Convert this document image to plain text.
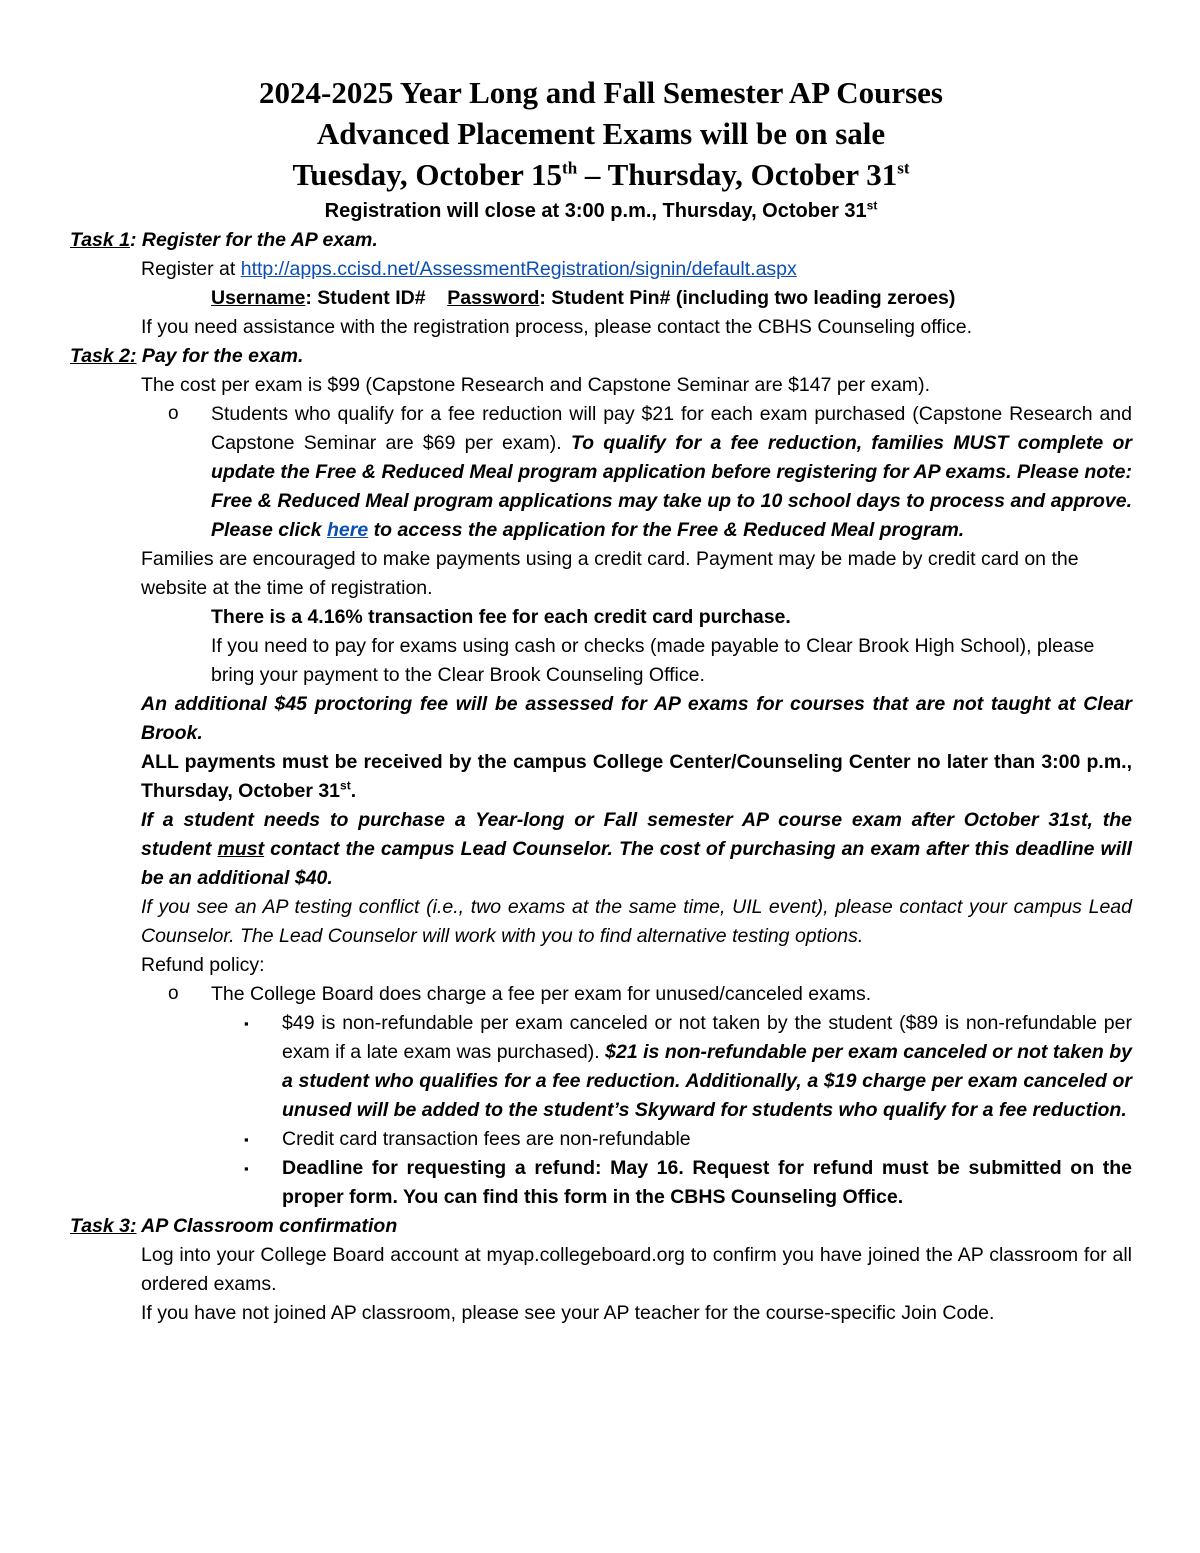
2024-2025 Year Long and Fall Semester AP Courses
Advanced Placement Exams will be on sale
Tuesday, October 15th – Thursday, October 31st

Registration will close at 3:00 p.m., Thursday, October 31st

Task 1: Register for the AP exam.

Register at http://apps.ccisd.net/AssessmentRegistration/signin/default.aspx
Username: Student ID# Password: Student Pin# (including two leading zeroes)
If you need assistance with the registration process, please contact the CBHS Counseling office.

Task 2: Pay for the exam.

The cost per exam is $99 (Capstone Research and Capstone Seminar are $147 per exam).
o Students who qualify for a fee reduction will pay $21 for each exam purchased (Capstone Research and Capstone Seminar are $69 per exam). To qualify for a fee reduction, families MUST complete or update the Free & Reduced Meal program application before registering for AP exams. Please note: Free & Reduced Meal program applications may take up to 10 school days to process and approve. Please click here to access the application for the Free & Reduced Meal program.
Families are encouraged to make payments using a credit card. Payment may be made by credit card on the website at the time of registration.
There is a 4.16% transaction fee for each credit card purchase.
If you need to pay for exams using cash or checks (made payable to Clear Brook High School), please bring your payment to the Clear Brook Counseling Office.
An additional $45 proctoring fee will be assessed for AP exams for courses that are not taught at Clear Brook.
ALL payments must be received by the campus College Center/Counseling Center no later than 3:00 p.m., Thursday, October 31st.
If a student needs to purchase a Year-long or Fall semester AP course exam after October 31st, the student must contact the campus Lead Counselor. The cost of purchasing an exam after this deadline will be an additional $40.
If you see an AP testing conflict (i.e., two exams at the same time, UIL event), please contact your campus Lead Counselor. The Lead Counselor will work with you to find alternative testing options.
Refund policy:
o The College Board does charge a fee per exam for unused/canceled exams.
▪ $49 is non-refundable per exam canceled or not taken by the student ($89 is non-refundable per exam if a late exam was purchased). $21 is non-refundable per exam canceled or not taken by a student who qualifies for a fee reduction. Additionally, a $19 charge per exam canceled or unused will be added to the student’s Skyward for students who qualify for a fee reduction.
▪ Credit card transaction fees are non-refundable
▪ Deadline for requesting a refund: May 16. Request for refund must be submitted on the proper form. You can find this form in the CBHS Counseling Office.

Task 3: AP Classroom confirmation

Log into your College Board account at myap.collegeboard.org to confirm you have joined the AP classroom for all ordered exams.
If you have not joined AP classroom, please see your AP teacher for the course-specific Join Code.
